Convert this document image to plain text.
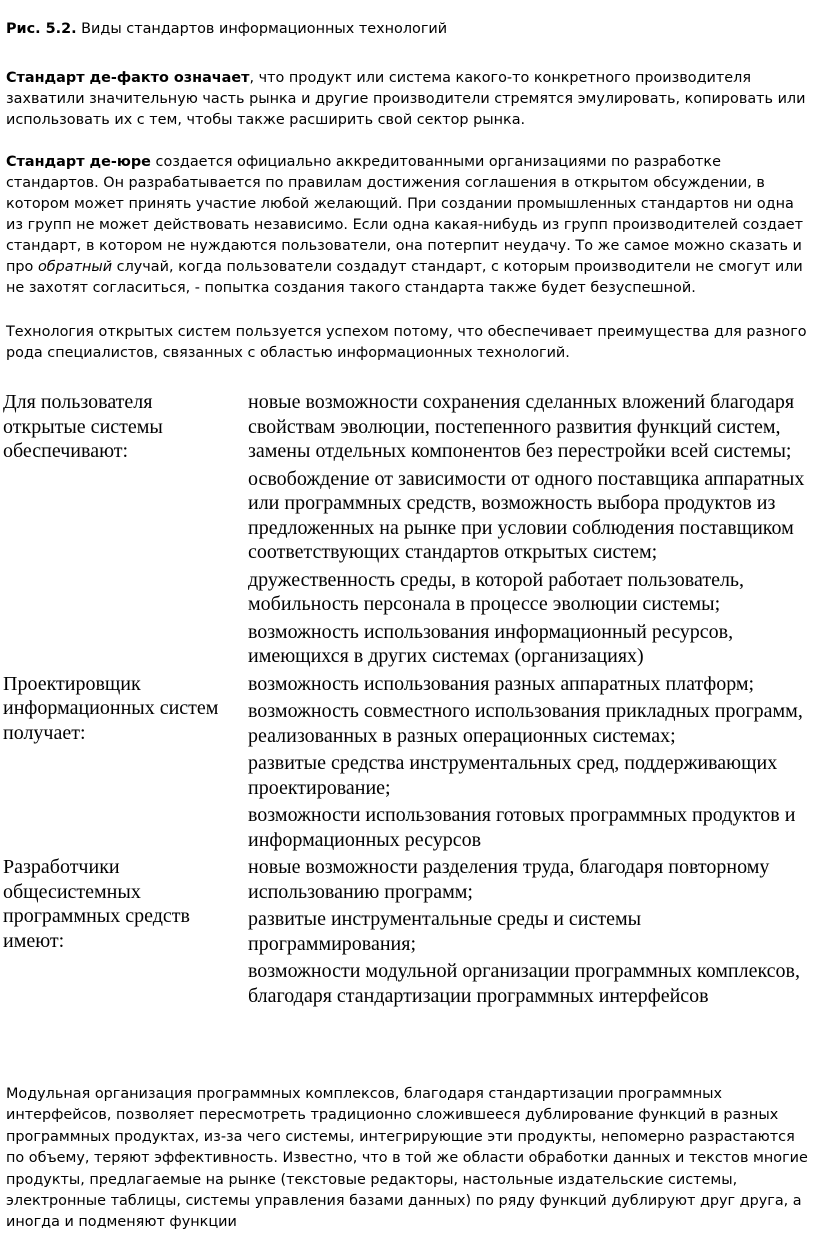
Рис. 5.2. Виды стандартов информационных технологий

Стандарт де-факто означает, что продукт или система какого-то конкретного производителя захватили значительную часть рынка и другие производители стремятся эмулировать, копировать или использовать их с тем, чтобы также расширить свой сектор рынка.

Стандарт де-юре создается официально аккредитованными организациями по разработке стандартов. Он разрабатывается по правилам достижения соглашения в открытом обсуждении, в котором может принять участие любой желающий. При создании промышленных стандартов ни одна из групп не может действовать независимо. Если одна какая-нибудь из групп производителей создает стандарт, в котором не нуждаются пользователи, она потерпит неудачу. То же самое можно сказать и про обратный случай, когда пользователи создадут стандарт, с которым производители не смогут или не захотят согласиться, - попытка создания такого стандарта также будет безуспешной.

Технология открытых систем пользуется успехом потому, что обеспечивает преимущества для разного рода специалистов, связанных с областью информационных технологий.

Для пользователя открытые системы обеспечивают:
новые возможности сохранения сделанных вложений благодаря свойствам эволюции, постепенного развития функций систем, замены отдельных компонентов без перестройки всей системы;
освобождение от зависимости от одного поставщика аппаратных или программных средств, возможность выбора продуктов из предложенных на рынке при условии соблюдения поставщиком соответствующих стандартов открытых систем;
дружественность среды, в которой работает пользователь, мобильность персонала в процессе эволюции системы;
возможность использования информационный ресурсов, имеющихся в других системах (организациях)
Проектировщик информационных систем получает:
возможность использования разных аппаратных платформ;
возможность совместного использования прикладных программ, реализованных в разных операционных системах;
развитые средства инструментальных сред, поддерживающих проектирование;
возможности использования готовых программных продуктов и информационных ресурсов
Разработчики общесистемных программных средств имеют:
новые возможности разделения труда, благодаря повторному использованию программ;
развитые инструментальные среды и системы программирования;
возможности модульной организации программных комплексов, благодаря стандартизации программных интерфейсов

Модульная организация программных комплексов, благодаря стандартизации программных интерфейсов, позволяет пересмотреть традиционно сложившееся дублирование функций в разных программных продуктах, из-за чего системы, интегрирующие эти продукты, непомерно разрастаются по объему, теряют эффективность. Известно, что в той же области обработки данных и текстов многие продукты, предлагаемые на рынке (текстовые редакторы, настольные издательские системы, электронные таблицы, системы управления базами данных) по ряду функций дублируют друг друга, а иногда и подменяют функции
